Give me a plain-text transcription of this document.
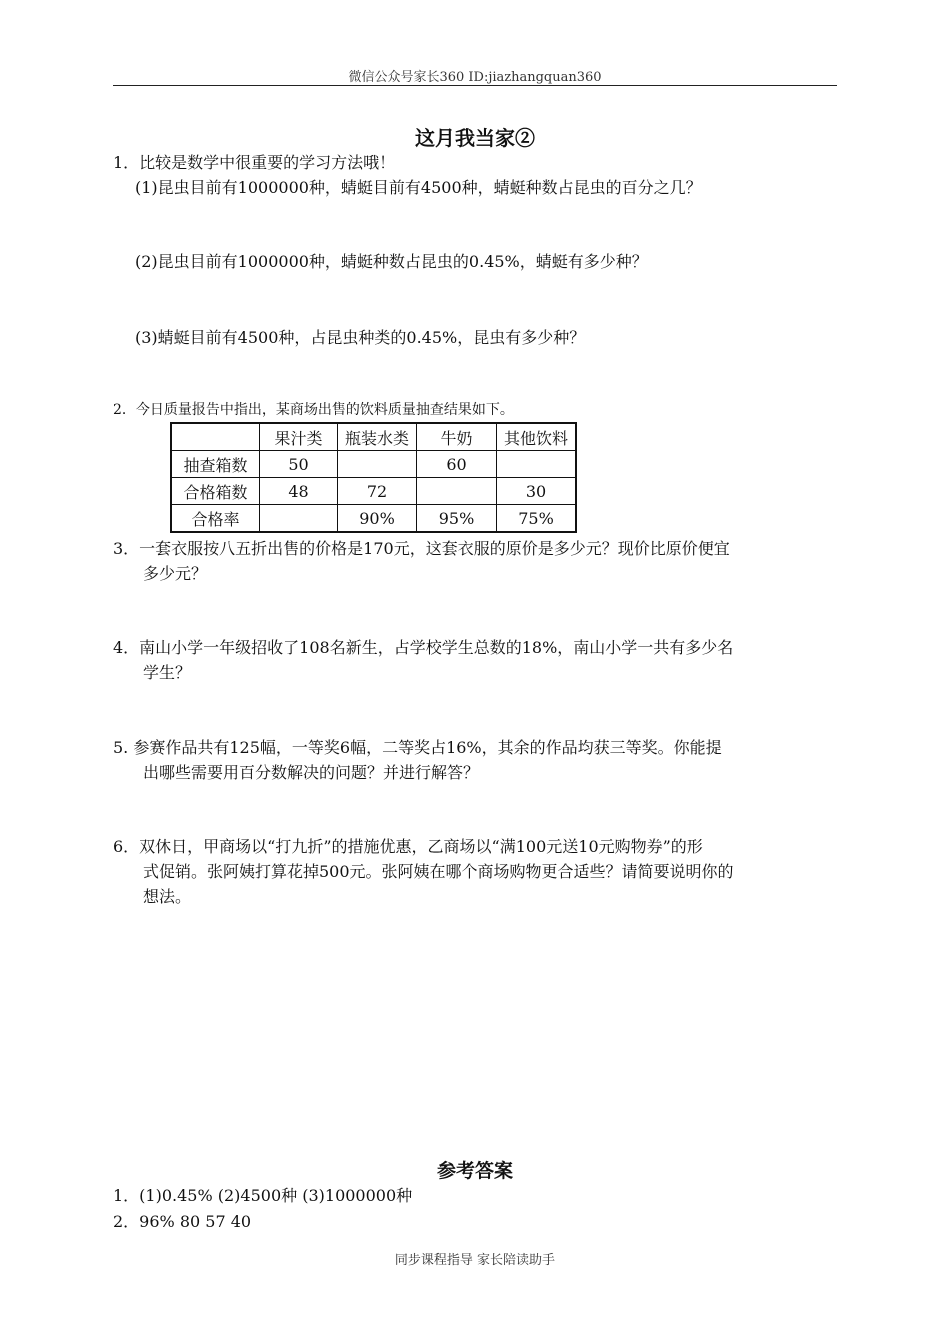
微信公众号家长360 ID:jiazhangquan360
这月我当家②
1．比较是数学中很重要的学习方法哦！
(1)昆虫目前有1000000种，蜻蜓目前有4500种，蜻蜓种数占昆虫的百分之几？
(2)昆虫目前有1000000种，蜻蜓种数占昆虫的0.45%，蜻蜓有多少种？
(3)蜻蜓目前有4500种，占昆虫种类的0.45%，昆虫有多少种？
2．今日质量报告中指出，某商场出售的饮料质量抽查结果如下。
	果汁类	瓶装水类	牛奶	其他饮料
抽查箱数	50		60	
合格箱数	48	72		30
合格率		90%	95%	75%
3．一套衣服按八五折出售的价格是170元，这套衣服的原价是多少元？现价比原价便宜
多少元？
4．南山小学一年级招收了108名新生，占学校学生总数的18%，南山小学一共有多少名
学生？
5. 参赛作品共有125幅，一等奖6幅，二等奖占16%，其余的作品均获三等奖。你能提
出哪些需要用百分数解决的问题？并进行解答？
6．双休日，甲商场以“打九折”的措施优惠，乙商场以“满100元送10元购物券”的形
式促销。张阿姨打算花掉500元。张阿姨在哪个商场购物更合适些？请简要说明你的
想法。
参考答案
1．(1)0.45% (2)4500种 (3)1000000种
2．96% 80 57 40
同步课程指导 家长陪读助手
